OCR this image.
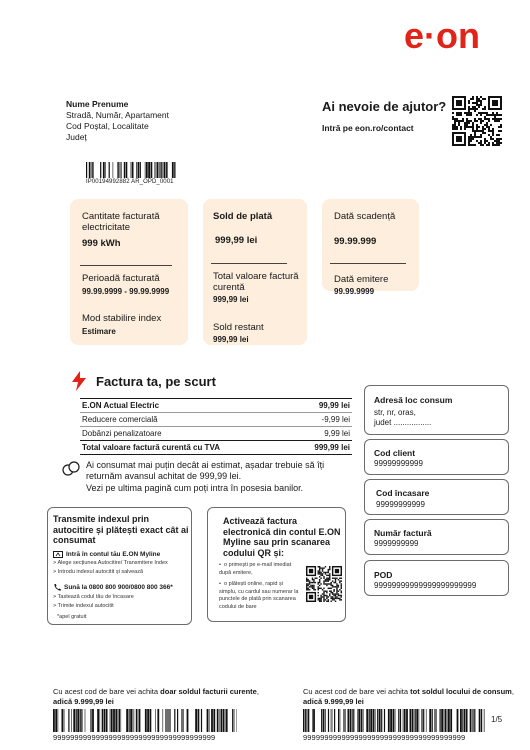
e·on
Nume Prenume
Stradă, Număr, Apartament
Cod Poștal, Localitate
Județ
Ai nevoie de ajutor?
Intră pe eon.ro/contact
IP00194992882 AR_OPD_0001
Cantitate facturată electricitate
999 kWh
Perioadă facturată
99.99.9999 - 99.99.9999
Mod stabilire index
Estimare
Sold de plată
999,99 lei
Total valoare factură curentă
999,99 lei
Sold restant
999,99 lei
Dată scadență
99.99.999
Dată emitere
99.99.9999
Factura ta, pe scurt
E.ON Actual Electric	99,99 lei
Reducere comercială	-9,99 lei
Dobânzi penalizatoare	9,99 lei
Total valoare factură curentă cu TVA	999,99 lei
Ai consumat mai puțin decât ai estimat, așadar trebuie să îți returnăm avansul achitat de 999,99 lei.
Vezi pe ultima pagină cum poți intra în posesia banilor.
Adresă loc consum
str, nr, oras,
judet .................
Cod client
99999999999
Cod încasare
99999999999
Număr factură
9999999999
POD
99999999999999999999999
Transmite indexul prin autocitire și plătești exact cât ai consumat
Intră în contul tău E.ON Myline
> Alege secțiunea Autocitire/ Transmitere Index
> Introdu indexul autocitit și salvează
Sună la 0800 800 900/0800 800 366*
> Tastează codul tău de încasare
> Trimite indexul autocitit
*apel gratuit
Activează factura electronică din contul E.ON Myline sau prin scanarea codului QR și:
•  o primești pe e-mail imediat după emitere,
•  o plătești online, rapid și simplu, cu cardul sau numerar la punctele de plată prin scanarea codului de bare
Cu acest cod de bare vei achita doar soldul facturii curente,
adică 9.999,99 lei
99999999999999999999999999999999999999
Cu acest cod de bare vei achita tot soldul locului de consum,
adică 9.999,99 lei
99999999999999999999999999999999999999
1/5
